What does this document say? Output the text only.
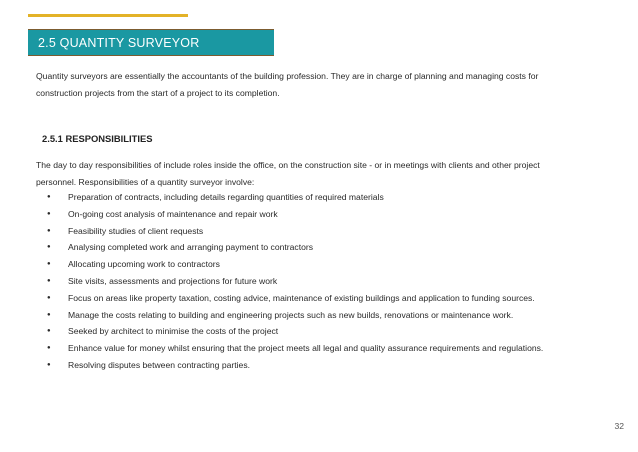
2.5 QUANTITY SURVEYOR

Quantity surveyors are essentially the accountants of the building profession. They are in charge of planning and managing costs for construction projects from the start of a project to its completion.

2.5.1 RESPONSIBILITIES

The day to day responsibilities of include roles inside the office, on the construction site - or in meetings with clients and other project personnel. Responsibilities of a quantity surveyor involve:

● Preparation of contracts, including details regarding quantities of required materials
● On-going cost analysis of maintenance and repair work
● Feasibility studies of client requests
● Analysing completed work and arranging payment to contractors
● Allocating upcoming work to contractors
● Site visits, assessments and projections for future work
● Focus on areas like property taxation, costing advice, maintenance of existing buildings and application to funding sources.
● Manage the costs relating to building and engineering projects such as new builds, renovations or maintenance work.
● Seeked by architect to minimise the costs of the project
● Enhance value for money whilst ensuring that the project meets all legal and quality assurance requirements and regulations.
● Resolving disputes between contracting parties.
32
